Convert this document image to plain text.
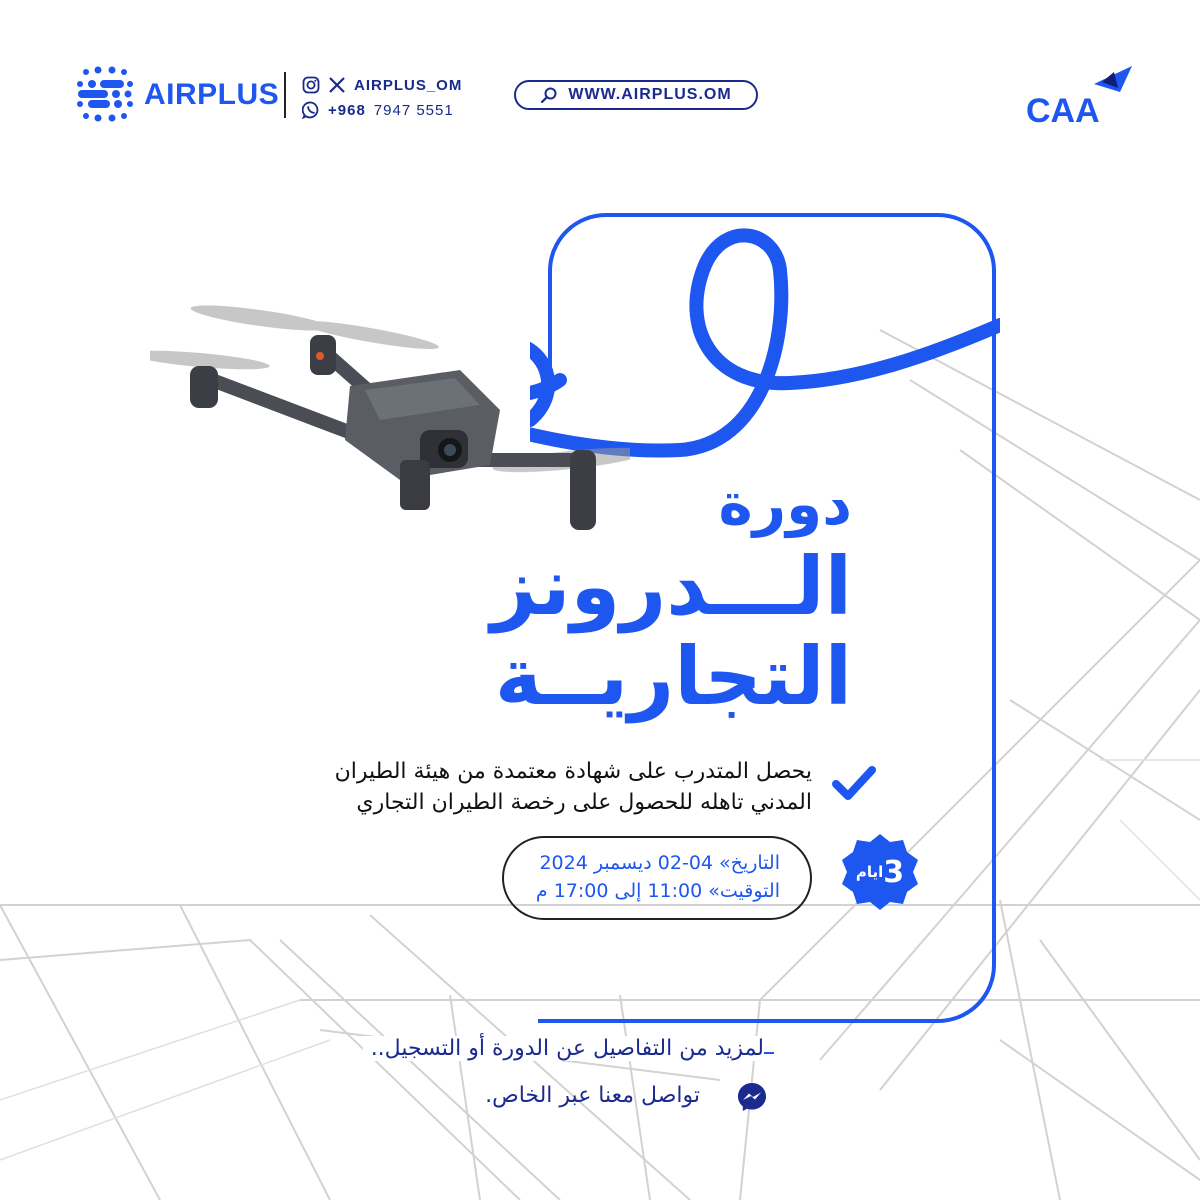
AIRPLUS	AIRPLUS_OM
+968 7947 5551
WWW.AIRPLUS.OM	CAA
دورة
الـــدرونز
التجاريــة
يحصل المتدرب على شهادة معتمدة من هيئة الطيران
المدني تاهله للحصول على رخصة الطيران التجاري
التاريخ» 04-02 ديسمبر 2024
التوقيت» 11:00 إلى 17:00 م
3
ايام
لمزيد من التفاصيل عن الدورة أو التسجيل..
تواصل معنا عبر الخاص.
